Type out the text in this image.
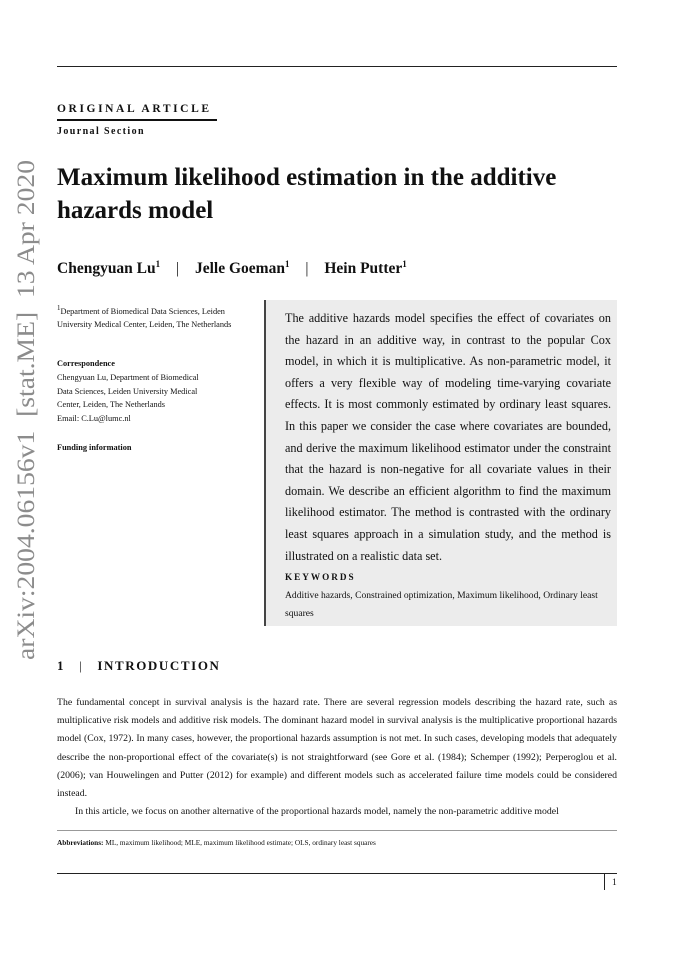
ORIGINAL ARTICLE
Journal Section
arXiv:2004.06156v1  [stat.ME]  13 Apr 2020
Maximum likelihood estimation in the additive hazards model
Chengyuan Lu$^1$ | Jelle Goeman$^1$ | Hein Putter$^1$
$^1$Department of Biomedical Data Sciences, Leiden University Medical Center, Leiden, The Netherlands
Correspondence
Chengyuan Lu, Department of Biomedical
Data Sciences, Leiden University Medical
Center, Leiden, The Netherlands
Email: C.Lu@lumc.nl
Funding information
The additive hazards model specifies the effect of covariates on the hazard in an additive way, in contrast to the popular Cox model, in which it is multiplicative. As non-parametric model, it offers a very flexible way of modeling time-varying covariate effects. It is most commonly estimated by ordinary least squares. In this paper we consider the case where covariates are bounded, and derive the maximum likelihood estimator under the constraint that the hazard is non-negative for all covariate values in their domain. We describe an efficient algorithm to find the maximum likelihood estimator. The method is contrasted with the ordinary least squares approach in a simulation study, and the method is illustrated on a realistic data set.
KEYWORDS
Additive hazards, Constrained optimization, Maximum likelihood, Ordinary least squares
1 | INTRODUCTION

The fundamental concept in survival analysis is the hazard rate. There are several regression models describing the hazard rate, such as multiplicative risk models and additive risk models. The dominant hazard model in survival analysis is the multiplicative proportional hazards model (Cox, 1972). In many cases, however, the proportional hazards assumption is not met. In such cases, developing models that adequately describe the non-proportional effect of the covariate(s) is not straightforward (see Gore et al. (1984); Schemper (1992); Perperoglou et al. (2006); van Houwelingen and Putter (2012) for example) and different models such as accelerated failure time models could be considered instead.

In this article, we focus on another alternative of the proportional hazards model, namely the non-parametric additive model

Abbreviations: ML, maximum likelihood; MLE, maximum likelihood estimate; OLS, ordinary least squares
1
